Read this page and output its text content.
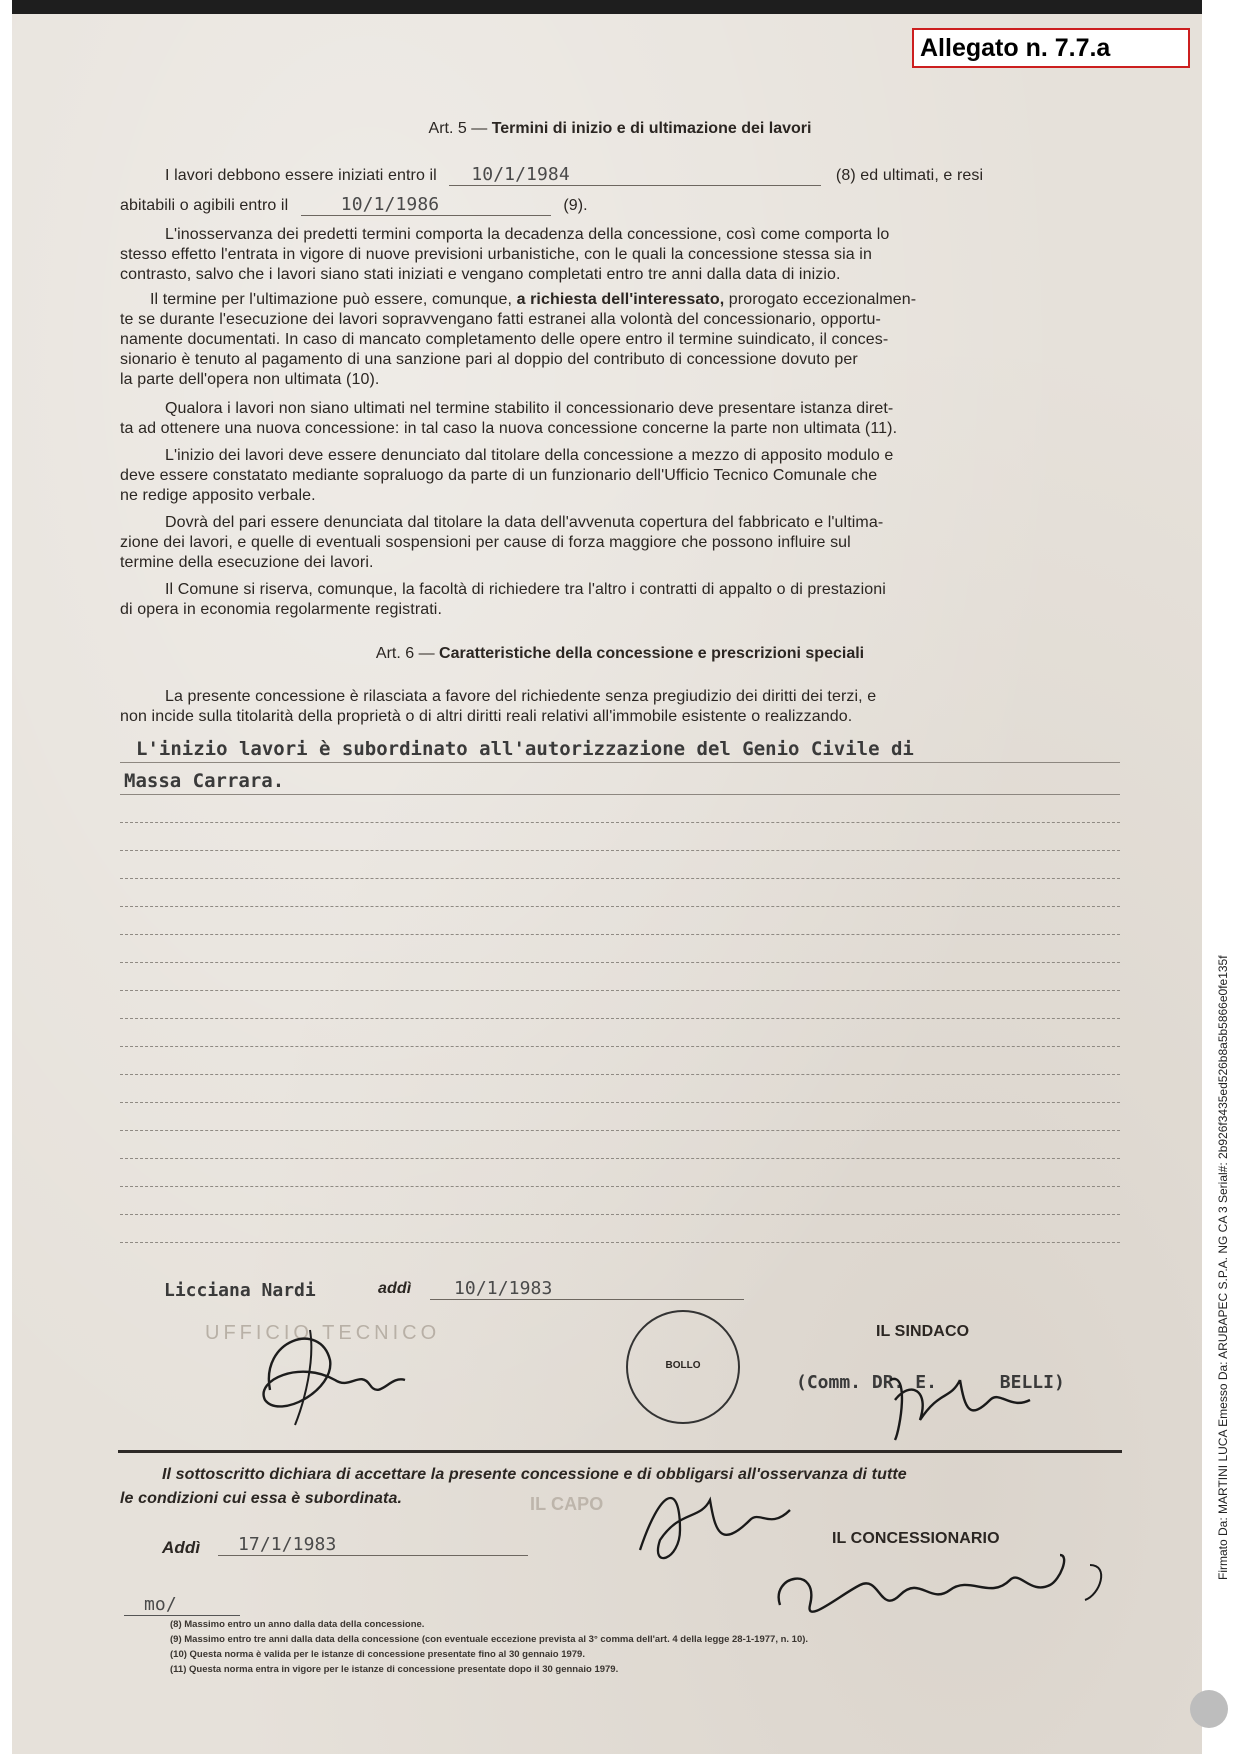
Allegato n. 7.7.a
Art. 5 — Termini di inizio e di ultimazione dei lavori
I lavori debbono essere iniziati entro il 10/1/1984	(8) ed ultimati, e resi
abitabili o agibili entro il	10/1/1986	(9).
L'inosservanza dei predetti termini comporta la decadenza della concessione, così come comporta lo
stesso effetto l'entrata in vigore di nuove previsioni urbanistiche, con le quali la concessione stessa sia in
contrasto, salvo che i lavori siano stati iniziati e vengano completati entro tre anni dalla data di inizio.
Il termine per l'ultimazione può essere, comunque, a richiesta dell'interessato, prorogato eccezionalmen-
te se durante l'esecuzione dei lavori sopravvengano fatti estranei alla volontà del concessionario, opportu-
namente documentati. In caso di mancato completamento delle opere entro il termine suindicato, il conces-
sionario è tenuto al pagamento di una sanzione pari al doppio del contributo di concessione dovuto per
la parte dell'opera non ultimata (10).
Qualora i lavori non siano ultimati nel termine stabilito il concessionario deve presentare istanza diret-
ta ad ottenere una nuova concessione: in tal caso la nuova concessione concerne la parte non ultimata (11).
L'inizio dei lavori deve essere denunciato dal titolare della concessione a mezzo di apposito modulo e
deve essere constatato mediante sopraluogo da parte di un funzionario dell'Ufficio Tecnico Comunale che
ne redige apposito verbale.
Dovrà del pari essere denunciata dal titolare la data dell'avvenuta copertura del fabbricato e l'ultima-
zione dei lavori, e quelle di eventuali sospensioni per cause di forza maggiore che possono influire sul
termine della esecuzione dei lavori.
Il Comune si riserva, comunque, la facoltà di richiedere tra l'altro i contratti di appalto o di prestazioni
di opera in economia regolarmente registrati.
Art. 6 — Caratteristiche della concessione e prescrizioni speciali
La presente concessione è rilasciata a favore del richiedente senza pregiudizio dei diritti dei terzi, e
non incide sulla titolarità della proprietà o di altri diritti reali relativi all'immobile esistente o realizzando.
L'inizio lavori è subordinato all'autorizzazione del Genio Civile di
Massa Carrara.
Licciana Nardi	addì	10/1/1983
UFFICIO TECNICO
BOLLO
IL SINDACO
(Comm. DR. E.	BELLI)
Il sottoscritto dichiara di accettare la presente concessione e di obbligarsi all'osservanza di tutte
le condizioni cui essa è subordinata.	IL CAPO
Addì	17/1/1983	IL CONCESSIONARIO
mo/
(8) Massimo entro un anno dalla data della concessione.
(9) Massimo entro tre anni dalla data della concessione (con eventuale eccezione prevista al 3° comma dell'art. 4 della legge 28-1-1977, n. 10).
(10) Questa norma è valida per le istanze di concessione presentate fino al 30 gennaio 1979.
(11) Questa norma entra in vigore per le istanze di concessione presentate dopo il 30 gennaio 1979.
Firmato Da: MARTINI LUCA Emesso Da: ARUBAPEC S.P.A. NG CA 3 Serial#: 2b926f3435ed526b8a5b5866e0fe135f
